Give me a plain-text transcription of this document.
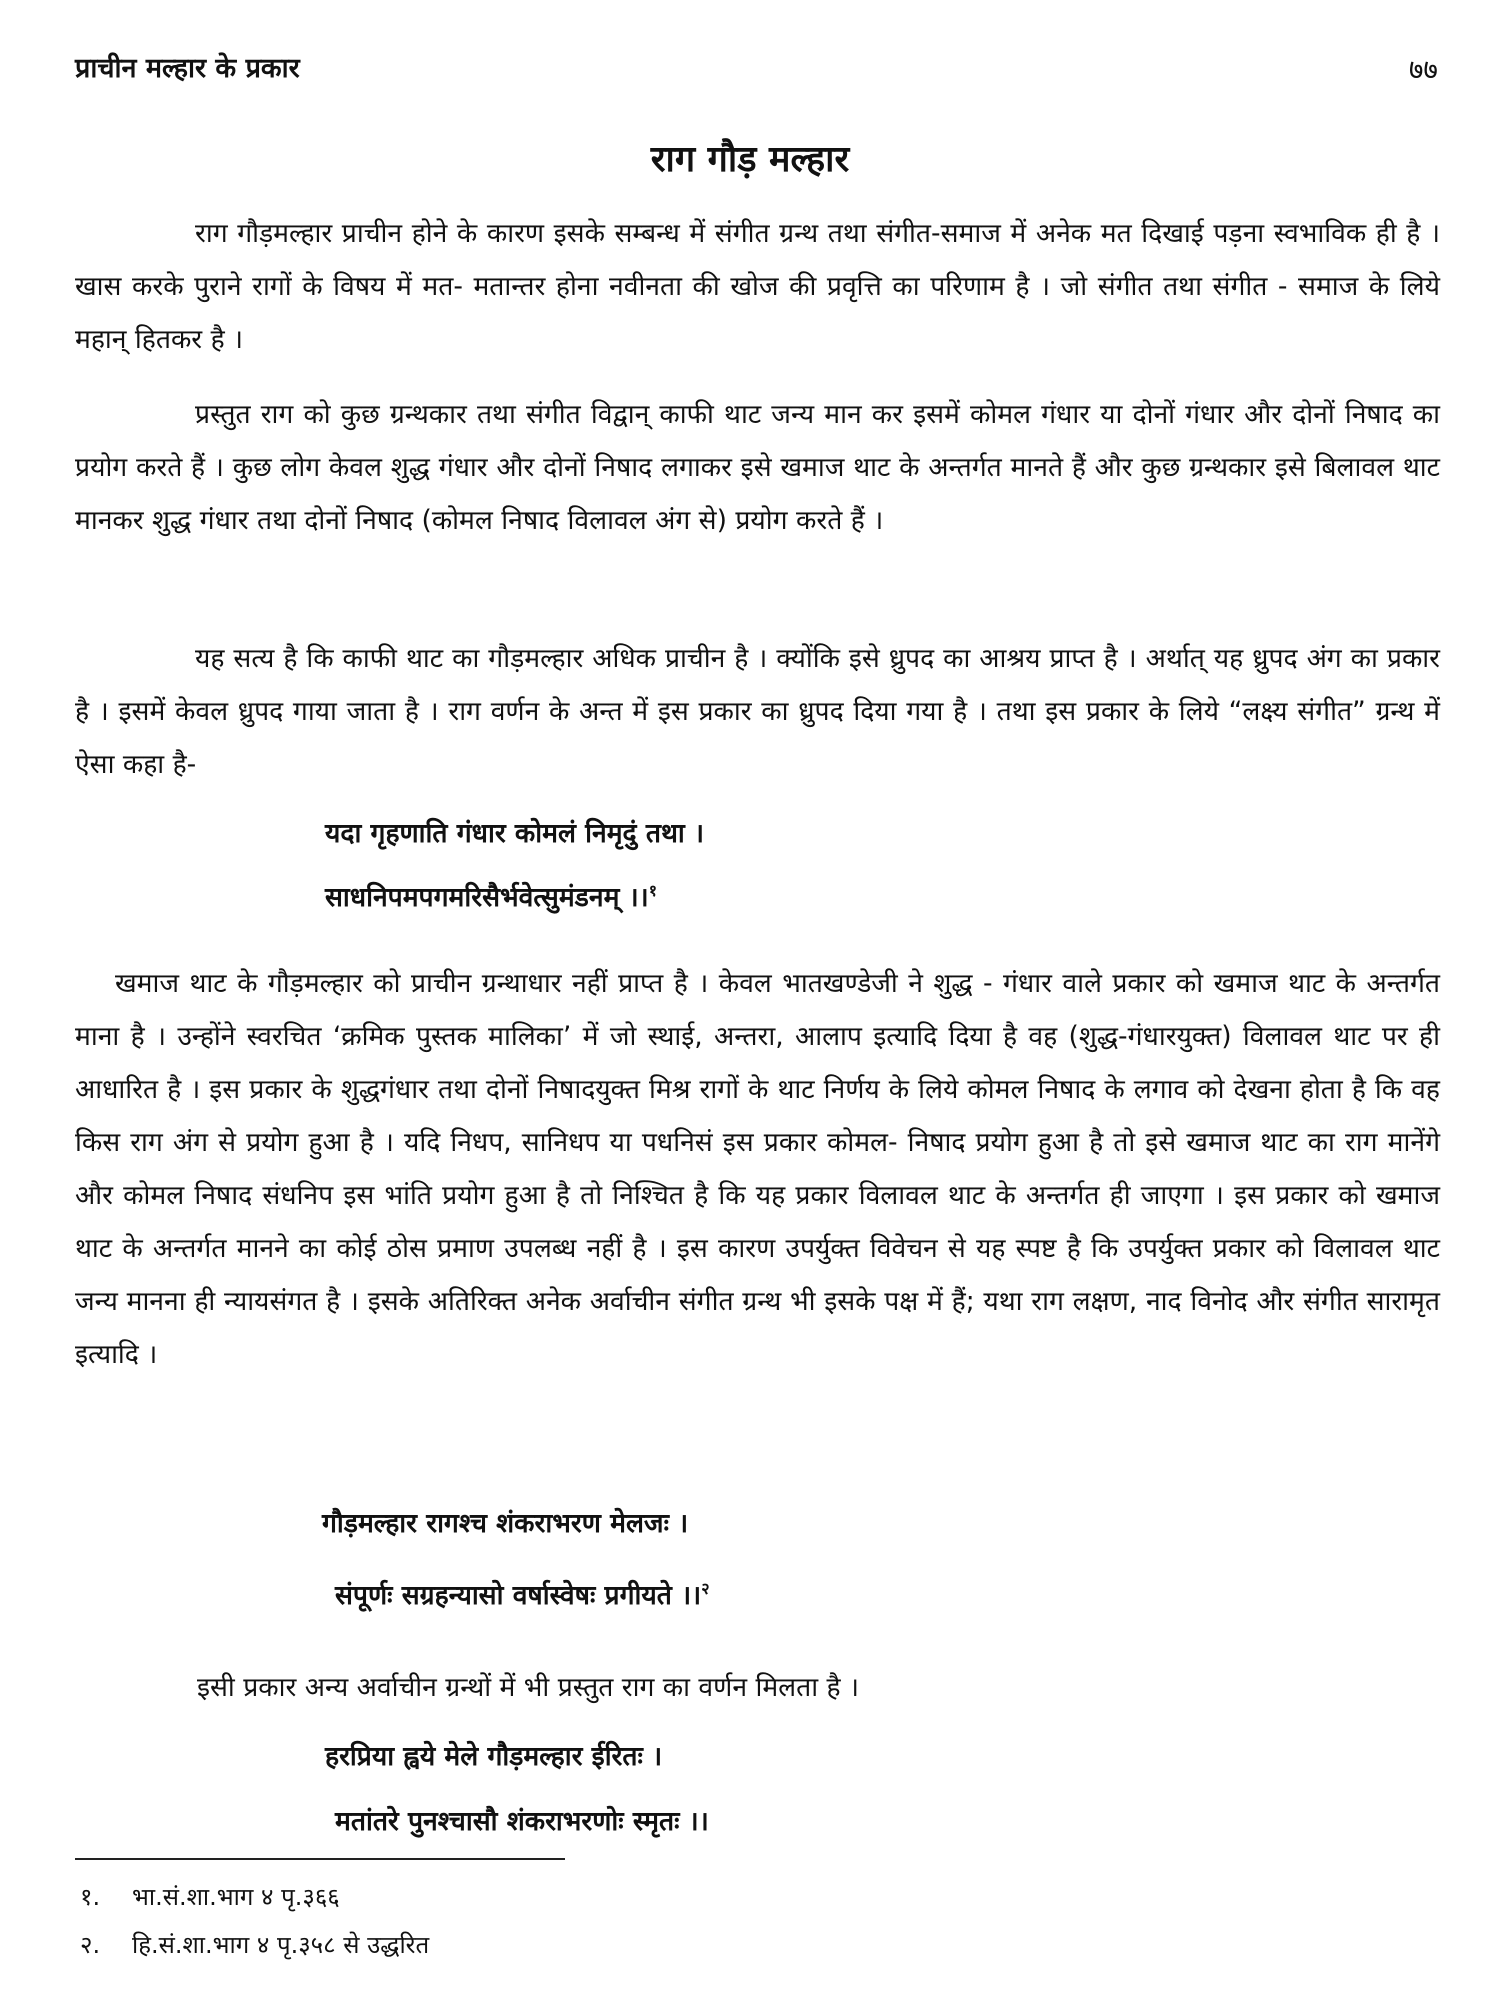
प्राचीन मल्हार के प्रकार	७७
राग गौड़ मल्हार
राग गौड़मल्हार प्राचीन होने के कारण इसके सम्बन्ध में संगीत ग्रन्थ तथा संगीत-समाज में अनेक मत दिखाई पड़ना स्वभाविक ही है । खास करके पुराने रागों के विषय में मत- मतान्तर होना नवीनता की खोज की प्रवृत्ति का परिणाम है । जो संगीत तथा संगीत - समाज के लिये महान् हितकर है ।
प्रस्तुत राग को कुछ ग्रन्थकार तथा संगीत विद्वान् काफी थाट जन्य मान कर इसमें कोमल गंधार या दोनों गंधार और दोनों निषाद का प्रयोग करते हैं । कुछ लोग केवल शुद्ध गंधार और दोनों निषाद लगाकर इसे खमाज थाट के अन्तर्गत मानते हैं और कुछ ग्रन्थकार इसे बिलावल थाट मानकर शुद्ध गंधार तथा दोनों निषाद (कोमल निषाद विलावल अंग से) प्रयोग करते हैं ।
यह सत्य है कि काफी थाट का गौड़मल्हार अधिक प्राचीन है । क्योंकि इसे ध्रुपद का आश्रय प्राप्त है । अर्थात् यह ध्रुपद अंग का प्रकार है । इसमें केवल ध्रुपद गाया जाता है । राग वर्णन के अन्त में इस प्रकार का ध्रुपद दिया गया है । तथा इस प्रकार के लिये “लक्ष्य संगीत” ग्रन्थ में ऐसा कहा है-
यदा गृहणाति गंधार कोमलं निमृदुं तथा ।
साधनिपमपगमरिसैर्भवेत्सुमंडनम् ।।$^१$
खमाज थाट के गौड़मल्हार को प्राचीन ग्रन्थाधार नहीं प्राप्त है । केवल भातखण्डेजी ने शुद्ध - गंधार वाले प्रकार को खमाज थाट के अन्तर्गत माना है । उन्होंने स्वरचित ‘क्रमिक पुस्तक मालिका’ में जो स्थाई, अन्तरा, आलाप इत्यादि दिया है वह (शुद्ध-गंधारयुक्त) विलावल थाट पर ही आधारित है । इस प्रकार के शुद्धगंधार तथा दोनों निषादयुक्त मिश्र रागों के थाट निर्णय के लिये कोमल निषाद के लगाव को देखना होता है कि वह किस राग अंग से प्रयोग हुआ है । यदि निधप, सानिधप या पधनिसं इस प्रकार कोमल- निषाद प्रयोग हुआ है तो इसे खमाज थाट का राग मानेंगे और कोमल निषाद संधनिप इस भांति प्रयोग हुआ है तो निश्चित है कि यह प्रकार विलावल थाट के अन्तर्गत ही जाएगा । इस प्रकार को खमाज थाट के अन्तर्गत मानने का कोई ठोस प्रमाण उपलब्ध नहीं है । इस कारण उपर्युक्त विवेचन से यह स्पष्ट है कि उपर्युक्त प्रकार को विलावल थाट जन्य मानना ही न्यायसंगत है । इसके अतिरिक्त अनेक अर्वाचीन संगीत ग्रन्थ भी इसके पक्ष में हैं; यथा राग लक्षण, नाद विनोद और संगीत सारामृत इत्यादि ।
गौड़मल्हार रागश्च शंकराभरण मेलजः ।
संपूर्णः सग्रहन्यासो वर्षास्वेषः प्रगीयते ।।$^२$
इसी प्रकार अन्य अर्वाचीन ग्रन्थों में भी प्रस्तुत राग का वर्णन मिलता है ।
हरप्रिया ह्वये मेले गौड़मल्हार ईरितः ।
मतांतरे पुनश्चासौ शंकराभरणोः स्मृतः ।।
१. भा.सं.शा.भाग ४ पृ.३६६
२. हि.सं.शा.भाग ४ पृ.३५८ से उद्धरित
